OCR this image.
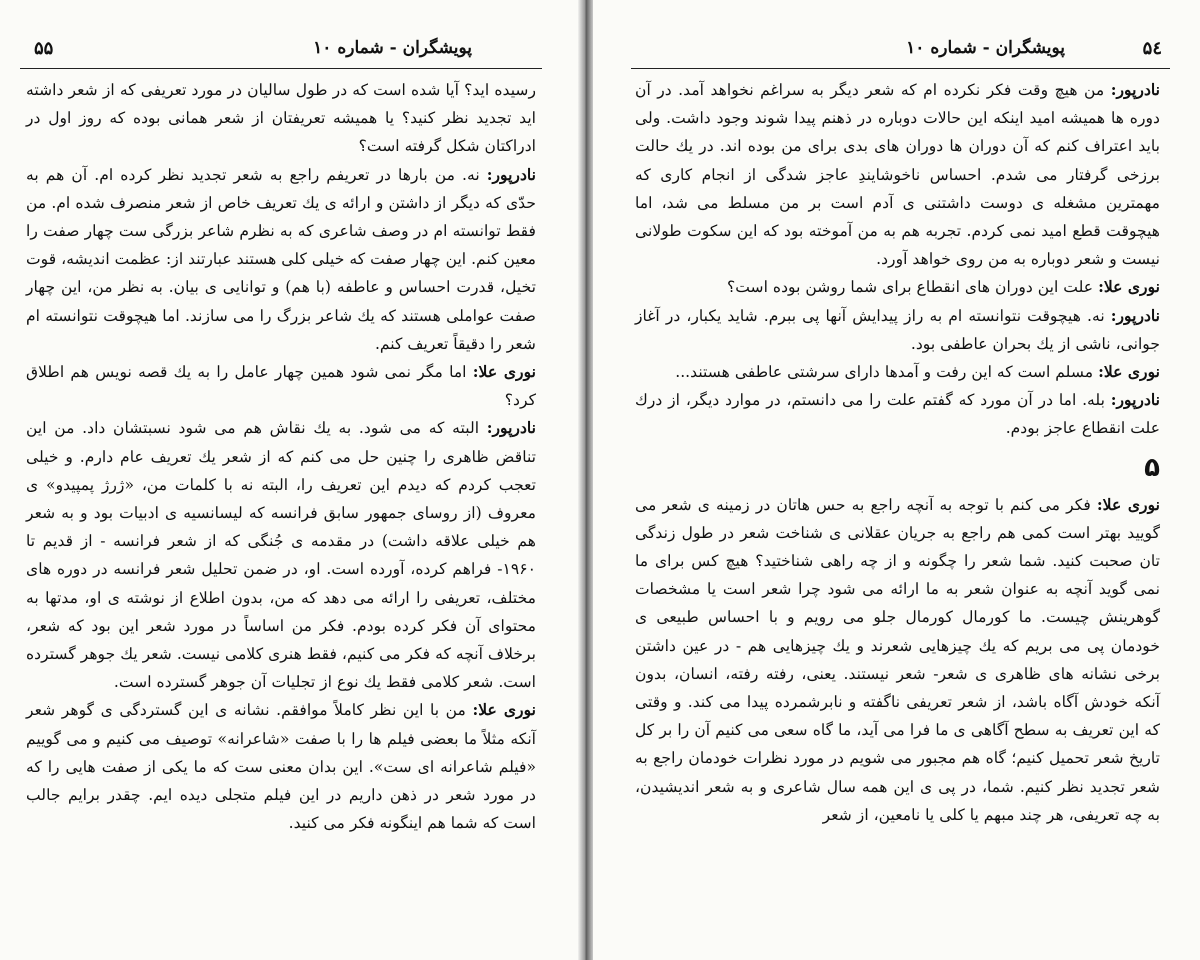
۵۵	پویشگران - شماره ۱۰

رسیده اید؟ آیا شده است که در طول سالیان در مورد تعریفی که از شعر داشته اید تجدید نظر کنید؟ یا همیشه تعریفتان از شعر همانی بوده که روز اول در ادراکتان شکل گرفته است؟

نادرپور: نه. من بارها در تعریفم راجع به شعر تجدید نظر کرده ام. آن هم به حدّی که دیگر از داشتن و ارائه ی یك تعریف خاص از شعر منصرف شده ام. من فقط توانسته ام در وصف شاعری که به نظرم شاعر بزرگی ست چهار صفت را معین کنم. این چهار صفت که خیلی کلی هستند عبارتند از: عظمت اندیشه، قوت تخیل، قدرت احساس و عاطفه (با هم) و توانایی ی بیان. به نظر من، این چهار صفت عواملی هستند که یك شاعر بزرگ را می سازند. اما هیچوقت نتوانسته ام شعر را دقیقاً تعریف کنم.

نوری علا: اما مگر نمی شود همین چهار عامل را به یك قصه نویس هم اطلاق کرد؟

نادرپور: البته که می شود. به یك نقاش هم می شود نسبتشان داد. من این تناقض ظاهری را چنین حل می کنم که از شعر یك تعریف عام دارم. و خیلی تعجب کردم که دیدم این تعریف را، البته نه با کلمات من، «ژرژ پمپیدو» ی معروف (از روسای جمهور سابق فرانسه که لیسانسیه ی ادبیات بود و به شعر هم خیلی علاقه داشت) در مقدمه ی جُنگی که از شعر فرانسه - از قدیم تا ۱۹۶۰- فراهم کرده، آورده است. او، در ضمن تحلیل شعر فرانسه در دوره های مختلف، تعریفی را ارائه می دهد که من، بدون اطلاع از نوشته ی او، مدتها به محتوای آن فکر کرده بودم. فکر من اساساً در مورد شعر این بود که شعر، برخلاف آنچه که فکر می کنیم، فقط هنری کلامی نیست. شعر یك جوهر گسترده است. شعر کلامی فقط یك نوع از تجلیات آن جوهر گسترده است.

نوری علا: من با این نظر کاملاً موافقم. نشانه ی این گستردگی ی گوهر شعر آنکه مثلاً ما بعضی فیلم ها را با صفت «شاعرانه» توصیف می کنیم و می گوییم «فیلم شاعرانه ای ست». این بدان معنی ست که ما یکی از صفت هایی را که در مورد شعر در ذهن داریم در این فیلم متجلی دیده ایم. چقدر برایم جالب است که شما هم اینگونه فکر می کنید.

پویشگران - شماره ۱۰	۵٤

نادرپور: من هیچ وقت فکر نکرده ام که شعر دیگر به سراغم نخواهد آمد. در آن دوره ها همیشه امید اینکه این حالات دوباره در ذهنم پیدا شوند وجود داشت. ولی باید اعتراف کنم که آن دوران ها دوران های بدی برای من بوده اند. در یك حالت برزخی گرفتار می شدم. احساس ناخوشایندِ عاجز شدگی از انجام کاری که مهمترین مشغله ی دوست داشتنی ی آدم است بر من مسلط می شد، اما هیچوقت قطع امید نمی کردم. تجربه هم به من آموخته بود که این سکوت طولانی نیست و شعر دوباره به من روی خواهد آورد.

نوری علا: علت این دوران های انقطاع برای شما روشن بوده است؟

نادرپور: نه. هیچوقت نتوانسته ام به راز پیدایش آنها پی ببرم. شاید یکبار، در آغاز جوانی، ناشی از یك بحران عاطفی بود.

نوری علا: مسلم است که این رفت و آمدها دارای سرشتی عاطفی هستند...

نادرپور: بله. اما در آن مورد که گفتم علت را می دانستم، در موارد دیگر، از درك علت انقطاع عاجز بودم.

۵

نوری علا: فکر می کنم با توجه به آنچه راجع به حس هاتان در زمینه ی شعر می گویید بهتر است کمی هم راجع به جریان عقلانی ی شناخت شعر در طول زندگی تان صحبت کنید. شما شعر را چگونه و از چه راهی شناختید؟ هیچ کس برای ما نمی گوید آنچه به عنوان شعر به ما ارائه می شود چرا شعر است یا مشخصات گوهرینش چیست. ما کورمال کورمال جلو می رویم و با احساس طبیعی ی خودمان پی می بریم که یك چیزهایی شعرند و یك چیزهایی هم - در عین داشتن برخی نشانه های ظاهری ی شعر- شعر نیستند. یعنی، رفته رفته، انسان، بدون آنکه خودش آگاه باشد، از شعر تعریفی ناگفته و نابرشمرده پیدا می کند. و وقتی که این تعریف به سطح آگاهی ی ما فرا می آید، ما گاه سعی می کنیم آن را بر کل تاریخ شعر تحمیل کنیم؛ گاه هم مجبور می شویم در مورد نظرات خودمان راجع به شعر تجدید نظر کنیم. شما، در پی ی این همه سال شاعری و به شعر اندیشیدن، به چه تعریفی، هر چند مبهم یا کلی یا نامعین، از شعر
